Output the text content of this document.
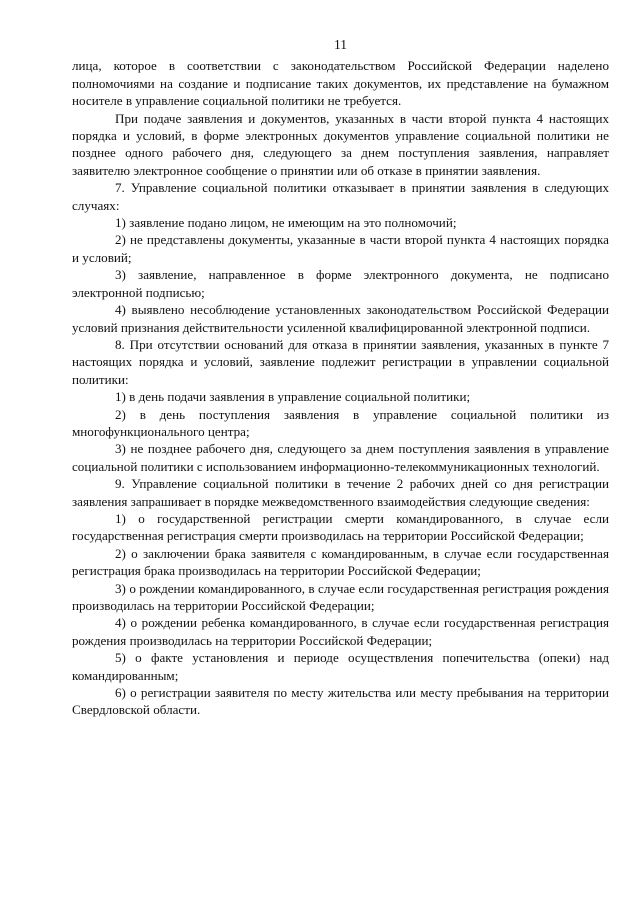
11

лица, которое в соответствии с законодательством Российской Федерации наделено полномочиями на создание и подписание таких документов, их представление на бумажном носителе в управление социальной политики не требуется.

При подаче заявления и документов, указанных в части второй пункта 4 настоящих порядка и условий, в форме электронных документов управление социальной политики не позднее одного рабочего дня, следующего за днем поступления заявления, направляет заявителю электронное сообщение о принятии или об отказе в принятии заявления.

7. Управление социальной политики отказывает в принятии заявления в следующих случаях:

1) заявление подано лицом, не имеющим на это полномочий;

2) не представлены документы, указанные в части второй пункта 4 настоящих порядка и условий;

3) заявление, направленное в форме электронного документа, не подписано электронной подписью;

4) выявлено несоблюдение установленных законодательством Российской Федерации условий признания действительности усиленной квалифицированной электронной подписи.

8. При отсутствии оснований для отказа в принятии заявления, указанных в пункте 7 настоящих порядка и условий, заявление подлежит регистрации в управлении социальной политики:

1) в день подачи заявления в управление социальной политики;

2) в день поступления заявления в управление социальной политики из многофункционального центра;

3) не позднее рабочего дня, следующего за днем поступления заявления в управление социальной политики с использованием информационно-телекоммуникационных технологий.

9. Управление социальной политики в течение 2 рабочих дней со дня регистрации заявления запрашивает в порядке межведомственного взаимодействия следующие сведения:

1) о государственной регистрации смерти командированного, в случае если государственная регистрация смерти производилась на территории Российской Федерации;

2) о заключении брака заявителя с командированным, в случае если государственная регистрация брака производилась на территории Российской Федерации;

3) о рождении командированного, в случае если государственная регистрация рождения производилась на территории Российской Федерации;

4) о рождении ребенка командированного, в случае если государственная регистрация рождения производилась на территории Российской Федерации;

5) о факте установления и периоде осуществления попечительства (опеки) над командированным;

6) о регистрации заявителя по месту жительства или месту пребывания на территории Свердловской области.
